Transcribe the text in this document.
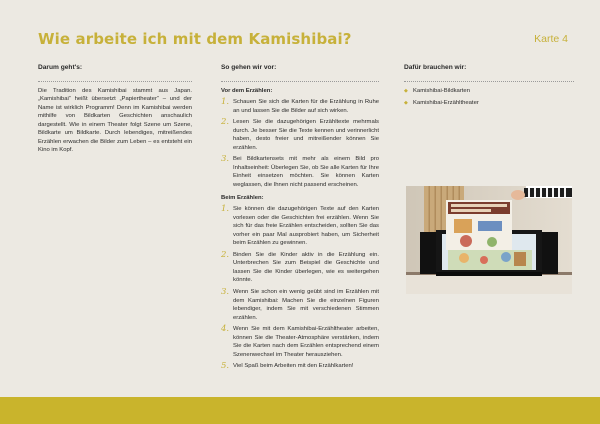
Wie arbeite ich mit dem Kamishibai?	Karte 4
Darum geht's:

Die Tradition des Kamishibai stammt aus Japan. „Kamishibai“ heißt übersetzt „Papiertheater“ – und der Name ist wirklich Programm! Denn im Kamishibai werden mithilfe von Bildkarten Geschichten anschaulich dargestellt. Wie in einem Theater folgt Szene um Szene, Bildkarte um Bildkarte. Durch lebendiges, mitreißendes Erzählen erwachen die Bilder zum Leben – es entsteht ein Kino im Kopf.

So gehen wir vor:
Vor dem Erzählen:
1. Schauen Sie sich die Karten für die Erzählung in Ruhe an und lassen Sie die Bilder auf sich wirken.
2. Lesen Sie die dazugehörigen Erzähltexte mehrmals durch. Je besser Sie die Texte kennen und verinnerlicht haben, desto freier und mitreißender können Sie erzählen.
3. Bei Bildkartensets mit mehr als einem Bild pro Inhaltseinheit: Überlegen Sie, ob Sie alle Karten für Ihre Einheit einsetzen möchten. Sie können Karten weglassen, die Ihnen nicht passend erscheinen.
Beim Erzählen:
1. Sie können die dazugehörigen Texte auf den Karten vorlesen oder die Geschichten frei erzählen. Wenn Sie sich für das freie Erzählen entscheiden, sollten Sie das vorher ein paar Mal ausprobiert haben, um Sicherheit beim Erzählen zu gewinnen.
2. Binden Sie die Kinder aktiv in die Erzählung ein. Unterbrechen Sie zum Beispiel die Geschichte und lassen Sie die Kinder überlegen, wie es weitergehen könnte.
3. Wenn Sie schon ein wenig geübt sind im Erzählen mit dem Kamishibai: Machen Sie die einzelnen Figuren lebendiger, indem Sie mit verschiedenen Stimmen erzählen.
4. Wenn Sie mit dem Kamishibai-Erzähltheater arbeiten, können Sie die Theater-Atmosphäre verstärken, indem Sie die Karten nach dem Erzählen entsprechend einem Szenenwechsel im Theater herausziehen.
5. Viel Spaß beim Arbeiten mit den Erzählkarten!
Dafür brauchen wir:
◆ Kamishibai-Bildkarten
◆ Kamishibai-Erzähltheater
